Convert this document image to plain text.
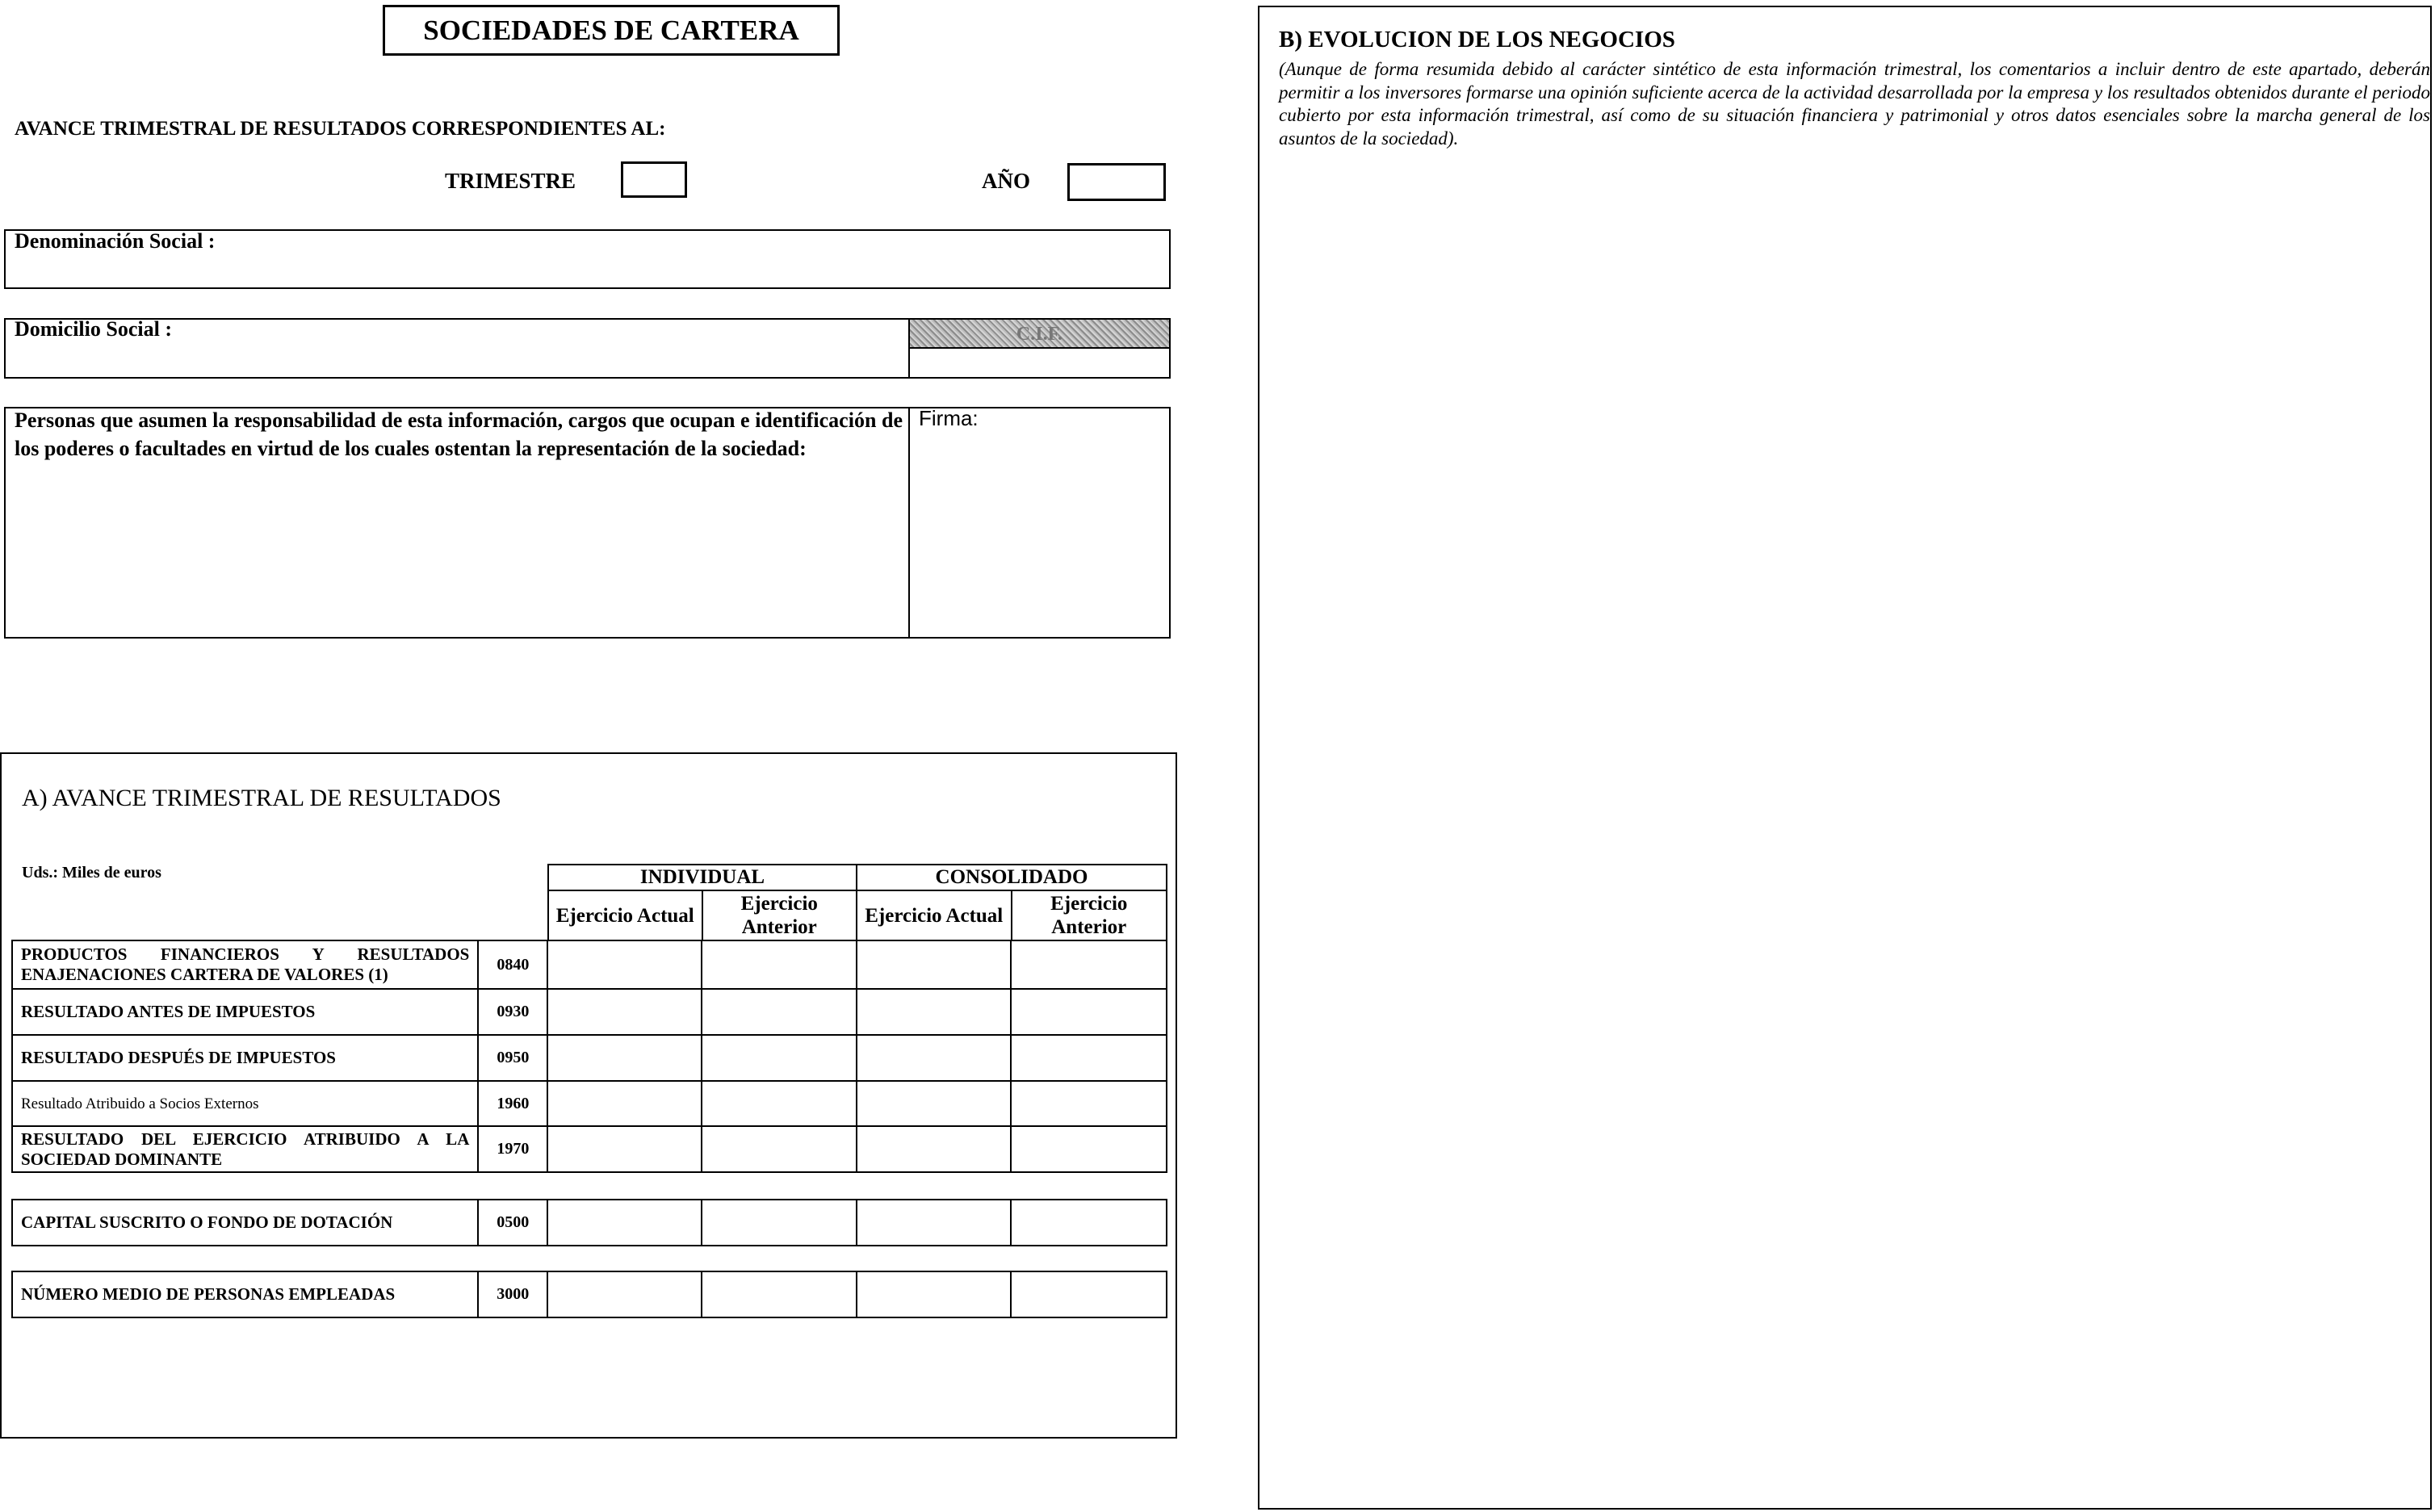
SOCIEDADES DE CARTERA
AVANCE TRIMESTRAL DE RESULTADOS CORRESPONDIENTES AL:
TRIMESTRE	AÑO
Denominación Social :
Domicilio Social :	C.I.F.
Personas que asumen la responsabilidad de esta información, cargos que ocupan e identificación de los poderes o facultades en virtud de los cuales ostentan la representación de la sociedad:
Firma:
A) AVANCE TRIMESTRAL DE RESULTADOS
Uds.: Miles de euros	INDIVIDUAL		CONSOLIDADO	
Ejercicio Actual	Ejercicio Anterior	Ejercicio Actual	Ejercicio Anterior
PRODUCTOS FINANCIEROS Y RESULTADOS ENAJENACIONES CARTERA DE VALORES (1)	0840				
RESULTADO ANTES DE IMPUESTOS	0930				
RESULTADO DESPUÉS DE IMPUESTOS	0950				
Resultado Atribuido a Socios Externos	1960				
RESULTADO DEL EJERCICIO ATRIBUIDO A LA SOCIEDAD DOMINANTE	1970				
CAPITAL SUSCRITO O FONDO DE DOTACIÓN	0500				
NÚMERO MEDIO DE PERSONAS EMPLEADAS	3000				
B) EVOLUCION DE LOS NEGOCIOS
(Aunque de forma resumida debido al carácter sintético de esta información trimestral, los comentarios a incluir dentro de este apartado, deberán permitir a los inversores formarse una opinión suficiente acerca de la actividad desarrollada por la empresa y los resultados obtenidos durante el periodo cubierto por esta información trimestral, así como de su situación financiera y patrimonial y otros datos esenciales sobre la marcha general de los asuntos de la sociedad).
